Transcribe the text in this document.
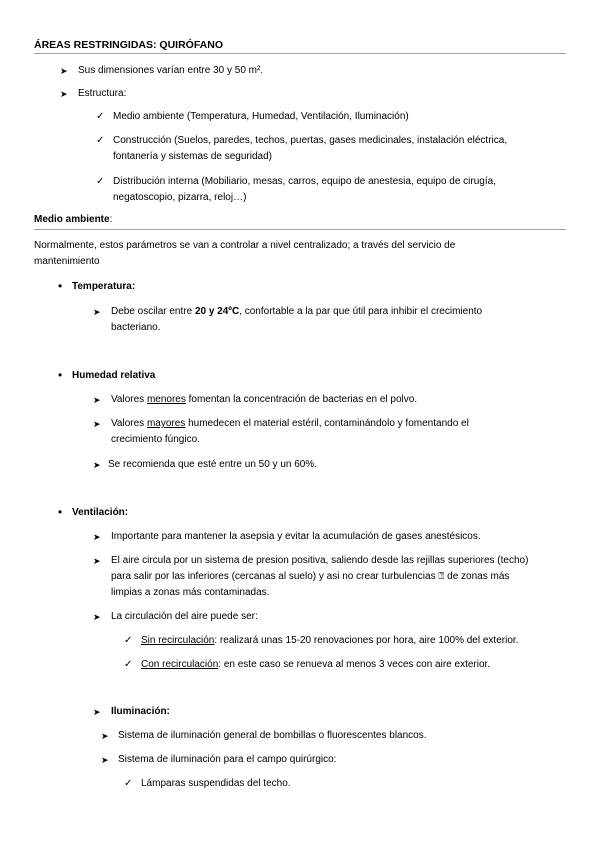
ÁREAS RESTRINGIDAS: QUIRÓFANO
➤ Sus dimensiones varían entre 30 y 50 m².
➤ Estructura:
✓ Medio ambiente (Temperatura, Humedad, Ventilación, Iluminación)
✓ Construcción (Suelos, paredes, techos, puertas, gases medicinales, instalación eléctrica,
fontanería y sistemas de seguridad)
✓ Distribución interna (Mobiliario, mesas, carros, equipo de anestesia, equipo de cirugía,
negatoscopio, pizarra, reloj…)
Medio ambiente:
Normalmente, estos parámetros se van a controlar a nivel centralizado; a través del servicio de
mantenimiento
• Temperatura:
➤ Debe oscilar entre 20 y 24ºC, confortable a la par que útil para inhibir el crecimiento
bacteriano.
• Humedad relativa
➤ Valores menores fomentan la concentración de bacterias en el polvo.
➤ Valores mayores humedecen el material estéril, contaminándolo y fomentando el
crecimiento fúngico.
➤ Se recomienda que esté entre un 50 y un 60%.
• Ventilación:
➤ Importante para mantener la asepsia y evitar la acumulación de gases anestésicos.
➤ El aire circula por un sistema de presion positiva, saliendo desde las rejillas superiores (techo)
para salir por las inferiores (cercanas al suelo) y asi no crear turbulencias ⍰ de zonas más
limpias a zonas más contaminadas.
➤ La circulación del aire puede ser:
✓ Sin recirculación: realizará unas 15-20 renovaciones por hora, aire 100% del exterior.
✓ Con recirculación: en este caso se renueva al menos 3 veces con aire exterior.
➤ Iluminación:
➤ Sistema de iluminación general de bombillas o fluorescentes blancos.
➤ Sistema de iluminación para el campo quirúrgico:
✓ Lámparas suspendidas del techo.
